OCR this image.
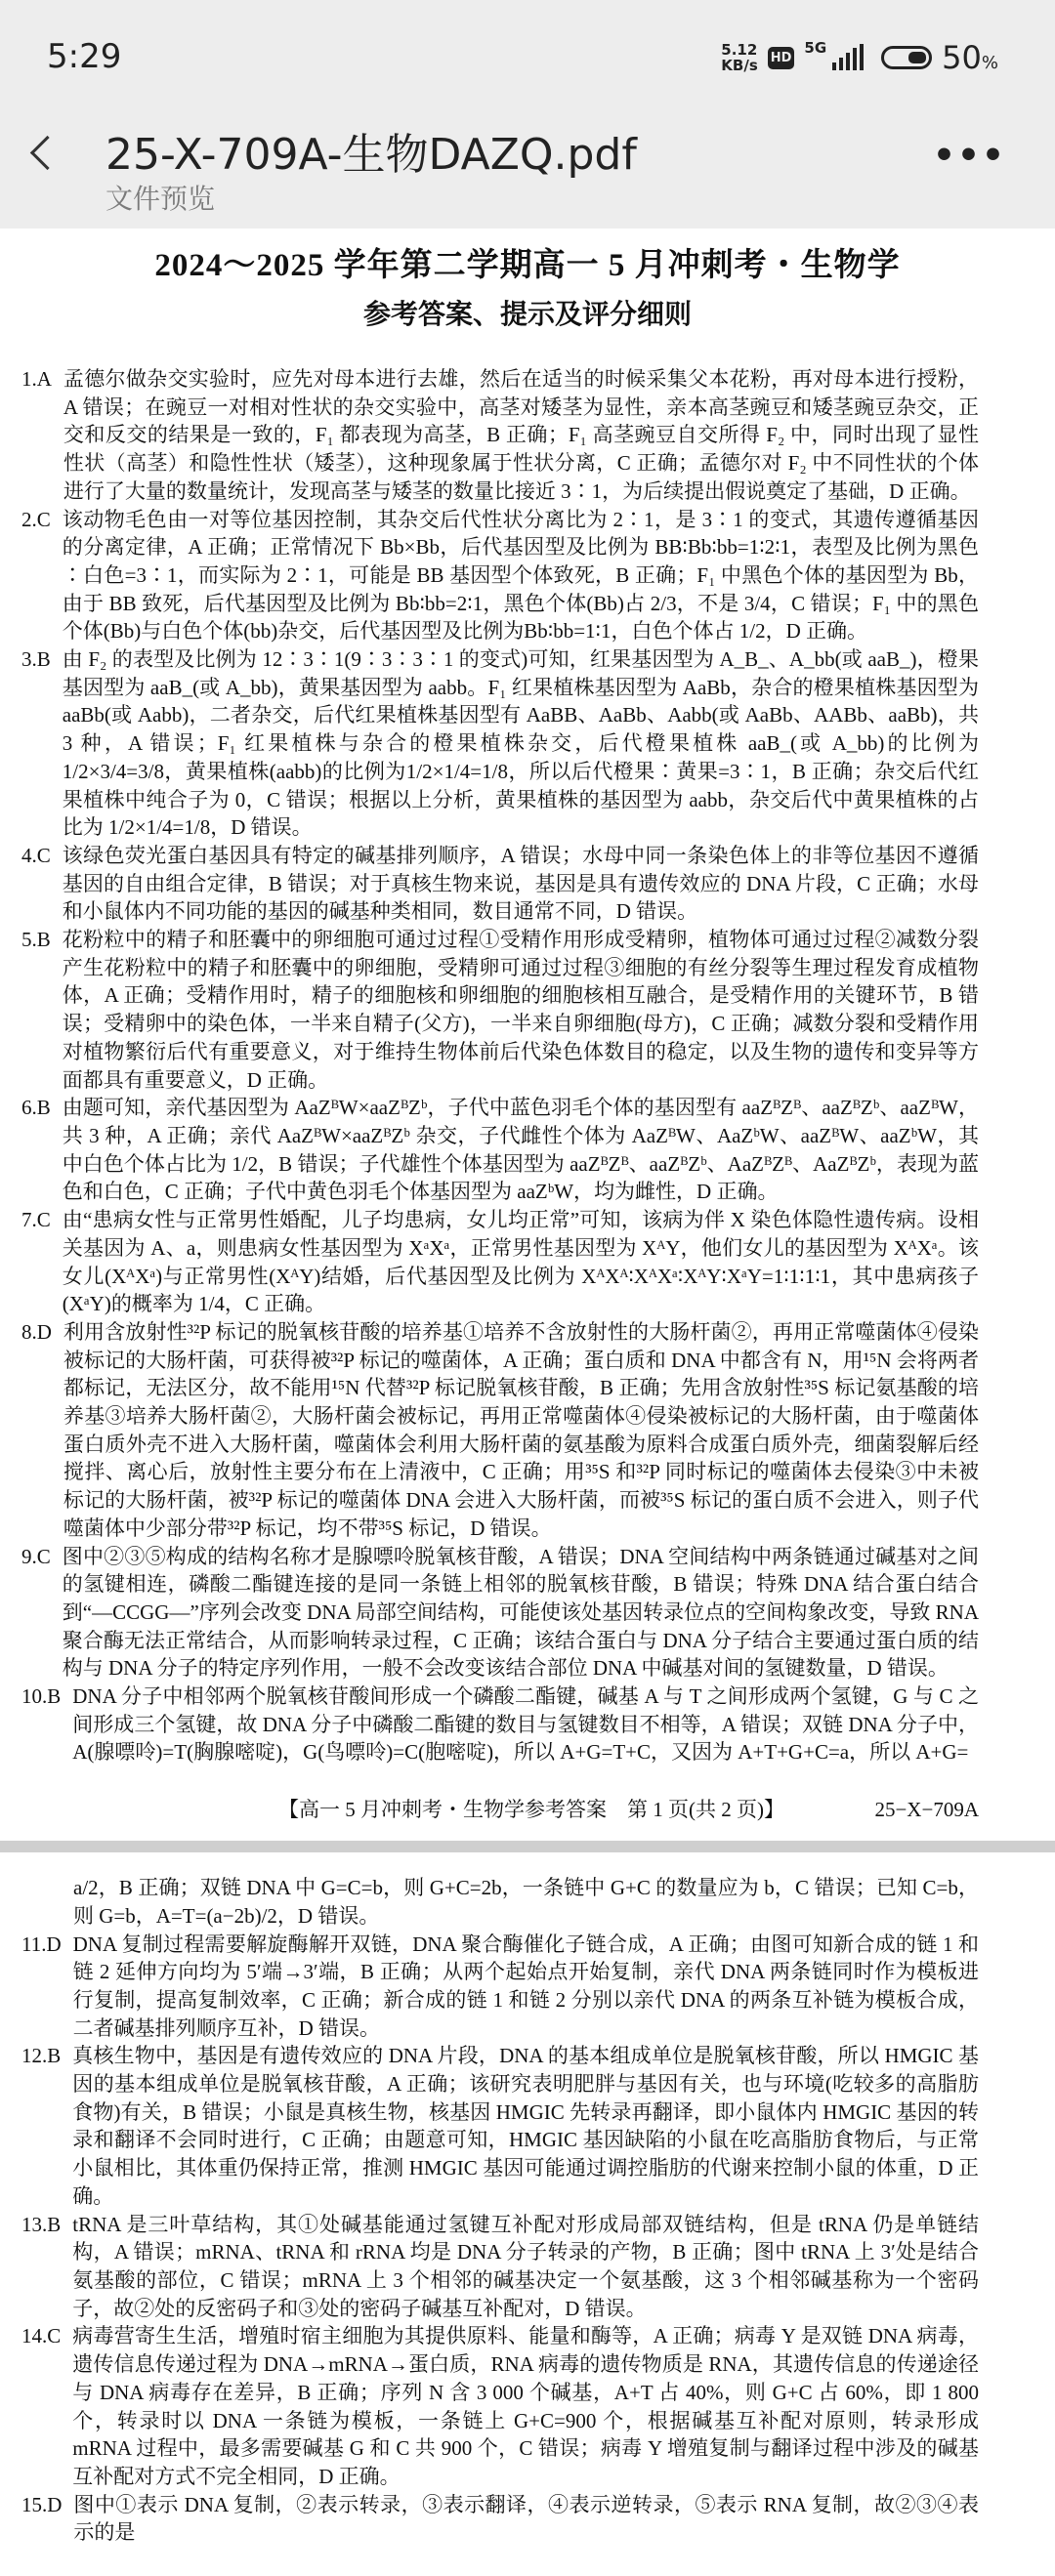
5:29	5.12
KB/s HD
5G	50%
25-X-709A-生物DAZQ.pdf
文件预览
•••
2024～2025 学年第二学期高一 5 月冲刺考・生物学
参考答案、提示及评分细则
1.A 孟德尔做杂交实验时，应先对母本进行去雄，然后在适当的时候采集父本花粉，再对母本进行授粉，A 错误；在豌豆一对相对性状的杂交实验中，高茎对矮茎为显性，亲本高茎豌豆和矮茎豌豆杂交，正交和反交的结果是一致的，F₁ 都表现为高茎，B 正确；F₁ 高茎豌豆自交所得 F₂ 中，同时出现了显性性状（高茎）和隐性性状（矮茎），这种现象属于性状分离，C 正确；孟德尔对 F₂ 中不同性状的个体进行了大量的数量统计，发现高茎与矮茎的数量比接近 3∶1，为后续提出假说奠定了基础，D 正确。
2.C 该动物毛色由一对等位基因控制，其杂交后代性状分离比为 2∶1，是 3∶1 的变式，其遗传遵循基因的分离定律，A 正确；正常情况下 Bb×Bb，后代基因型及比例为 BB∶Bb∶bb=1∶2∶1，表型及比例为黑色∶白色=3∶1，而实际为 2∶1，可能是 BB 基因型个体致死，B 正确；F₁ 中黑色个体的基因型为 Bb，由于 BB 致死，后代基因型及比例为 Bb∶bb=2∶1，黑色个体(Bb)占 2/3，不是 3/4，C 错误；F₁ 中的黑色个体(Bb)与白色个体(bb)杂交，后代基因型及比例为Bb∶bb=1∶1，白色个体占 1/2，D 正确。
3.B 由 F₂ 的表型及比例为 12∶3∶1(9∶3∶3∶1 的变式)可知，红果基因型为 A_B_、A_bb(或 aaB_)，橙果基因型为 aaB_(或 A_bb)，黄果基因型为 aabb。F₁ 红果植株基因型为 AaBb，杂合的橙果植株基因型为 aaBb(或 Aabb)，二者杂交，后代红果植株基因型有 AaBB、AaBb、Aabb(或 AaBb、AABb、aaBb)，共 3 种，A 错误；F₁ 红果植株与杂合的橙果植株杂交，后代橙果植株 aaB_(或 A_bb)的比例为 1/2×3/4=3/8，黄果植株(aabb)的比例为1/2×1/4=1/8，所以后代橙果∶黄果=3∶1，B 正确；杂交后代红果植株中纯合子为 0，C 错误；根据以上分析，黄果植株的基因型为 aabb，杂交后代中黄果植株的占比为 1/2×1/4=1/8，D 错误。
4.C 该绿色荧光蛋白基因具有特定的碱基排列顺序，A 错误；水母中同一条染色体上的非等位基因不遵循基因的自由组合定律，B 错误；对于真核生物来说，基因是具有遗传效应的 DNA 片段，C 正确；水母和小鼠体内不同功能的基因的碱基种类相同，数目通常不同，D 错误。
5.B 花粉粒中的精子和胚囊中的卵细胞可通过过程①受精作用形成受精卵，植物体可通过过程②减数分裂产生花粉粒中的精子和胚囊中的卵细胞，受精卵可通过过程③细胞的有丝分裂等生理过程发育成植物体，A 正确；受精作用时，精子的细胞核和卵细胞的细胞核相互融合，是受精作用的关键环节，B 错误；受精卵中的染色体，一半来自精子(父方)，一半来自卵细胞(母方)，C 正确；减数分裂和受精作用对植物繁衍后代有重要意义，对于维持生物体前后代染色体数目的稳定，以及生物的遗传和变异等方面都具有重要意义，D 正确。
6.B 由题可知，亲代基因型为 AaZᴮW×aaZᴮZᵇ，子代中蓝色羽毛个体的基因型有 aaZᴮZᴮ、aaZᴮZᵇ、aaZᴮW，共 3 种，A 正确；亲代 AaZᴮW×aaZᴮZᵇ 杂交，子代雌性个体为 AaZᴮW、AaZᵇW、aaZᴮW、aaZᵇW，其中白色个体占比为 1/2，B 错误；子代雄性个体基因型为 aaZᴮZᴮ、aaZᴮZᵇ、AaZᴮZᴮ、AaZᴮZᵇ，表现为蓝色和白色，C 正确；子代中黄色羽毛个体基因型为 aaZᵇW，均为雌性，D 正确。
7.C 由“患病女性与正常男性婚配，儿子均患病，女儿均正常”可知，该病为伴 X 染色体隐性遗传病。设相关基因为 A、a，则患病女性基因型为 XᵃXᵃ，正常男性基因型为 XᴬY，他们女儿的基因型为 XᴬXᵃ。该女儿(XᴬXᵃ)与正常男性(XᴬY)结婚，后代基因型及比例为 XᴬXᴬ∶XᴬXᵃ∶XᴬY∶XᵃY=1∶1∶1∶1，其中患病孩子(XᵃY)的概率为 1/4，C 正确。
8.D 利用含放射性³²P 标记的脱氧核苷酸的培养基①培养不含放射性的大肠杆菌②，再用正常噬菌体④侵染被标记的大肠杆菌，可获得被³²P 标记的噬菌体，A 正确；蛋白质和 DNA 中都含有 N，用¹⁵N 会将两者都标记，无法区分，故不能用¹⁵N 代替³²P 标记脱氧核苷酸，B 正确；先用含放射性³⁵S 标记氨基酸的培养基③培养大肠杆菌②，大肠杆菌会被标记，再用正常噬菌体④侵染被标记的大肠杆菌，由于噬菌体蛋白质外壳不进入大肠杆菌，噬菌体会利用大肠杆菌的氨基酸为原料合成蛋白质外壳，细菌裂解后经搅拌、离心后，放射性主要分布在上清液中，C 正确；用³⁵S 和³²P 同时标记的噬菌体去侵染③中未被标记的大肠杆菌，被³²P 标记的噬菌体 DNA 会进入大肠杆菌，而被³⁵S 标记的蛋白质不会进入，则子代噬菌体中少部分带³²P 标记，均不带³⁵S 标记，D 错误。
9.C 图中②③⑤构成的结构名称才是腺嘌呤脱氧核苷酸，A 错误；DNA 空间结构中两条链通过碱基对之间的氢键相连，磷酸二酯键连接的是同一条链上相邻的脱氧核苷酸，B 错误；特殊 DNA 结合蛋白结合到“—CCGG—”序列会改变 DNA 局部空间结构，可能使该处基因转录位点的空间构象改变，导致 RNA 聚合酶无法正常结合，从而影响转录过程，C 正确；该结合蛋白与 DNA 分子结合主要通过蛋白质的结构与 DNA 分子的特定序列作用，一般不会改变该结合部位 DNA 中碱基对间的氢键数量，D 错误。
10.B DNA 分子中相邻两个脱氧核苷酸间形成一个磷酸二酯键，碱基 A 与 T 之间形成两个氢键，G 与 C 之间形成三个氢键，故 DNA 分子中磷酸二酯键的数目与氢键数目不相等，A 错误；双链 DNA 分子中，A(腺嘌呤)=T(胸腺嘧啶)，G(鸟嘌呤)=C(胞嘧啶)，所以 A+G=T+C，又因为 A+T+G+C=a，所以 A+G=
【高一 5 月冲刺考・生物学参考答案　第 1 页(共 2 页)】	25−X−709A
a/2，B 正确；双链 DNA 中 G=C=b，则 G+C=2b，一条链中 G+C 的数量应为 b，C 错误；已知 C=b，则 G=b，A=T=(a−2b)/2，D 错误。
11.D DNA 复制过程需要解旋酶解开双链，DNA 聚合酶催化子链合成，A 正确；由图可知新合成的链 1 和链 2 延伸方向均为 5′端→3′端，B 正确；从两个起始点开始复制，亲代 DNA 两条链同时作为模板进行复制，提高复制效率，C 正确；新合成的链 1 和链 2 分别以亲代 DNA 的两条互补链为模板合成，二者碱基排列顺序互补，D 错误。
12.B 真核生物中，基因是有遗传效应的 DNA 片段，DNA 的基本组成单位是脱氧核苷酸，所以 HMGIC 基因的基本组成单位是脱氧核苷酸，A 正确；该研究表明肥胖与基因有关，也与环境(吃较多的高脂肪食物)有关，B 错误；小鼠是真核生物，核基因 HMGIC 先转录再翻译，即小鼠体内 HMGIC 基因的转录和翻译不会同时进行，C 正确；由题意可知，HMGIC 基因缺陷的小鼠在吃高脂肪食物后，与正常小鼠相比，其体重仍保持正常，推测 HMGIC 基因可能通过调控脂肪的代谢来控制小鼠的体重，D 正确。
13.B tRNA 是三叶草结构，其①处碱基能通过氢键互补配对形成局部双链结构，但是 tRNA 仍是单链结构，A 错误；mRNA、tRNA 和 rRNA 均是 DNA 分子转录的产物，B 正确；图中 tRNA 上 3′处是结合氨基酸的部位，C 错误；mRNA 上 3 个相邻的碱基决定一个氨基酸，这 3 个相邻碱基称为一个密码子，故②处的反密码子和③处的密码子碱基互补配对，D 错误。
14.C 病毒营寄生生活，增殖时宿主细胞为其提供原料、能量和酶等，A 正确；病毒 Y 是双链 DNA 病毒，遗传信息传递过程为 DNA→mRNA→蛋白质，RNA 病毒的遗传物质是 RNA，其遗传信息的传递途径与 DNA 病毒存在差异，B 正确；序列 N 含 3 000 个碱基，A+T 占 40%，则 G+C 占 60%，即 1 800 个，转录时以 DNA 一条链为模板，一条链上 G+C=900 个，根据碱基互补配对原则，转录形成 mRNA 过程中，最多需要碱基 G 和 C 共 900 个，C 错误；病毒 Y 增殖复制与翻译过程中涉及的碱基互补配对方式不完全相同，D 正确。
15.D 图中①表示 DNA 复制，②表示转录，③表示翻译，④表示逆转录，⑤表示 RNA 复制，故②③④表示的是
